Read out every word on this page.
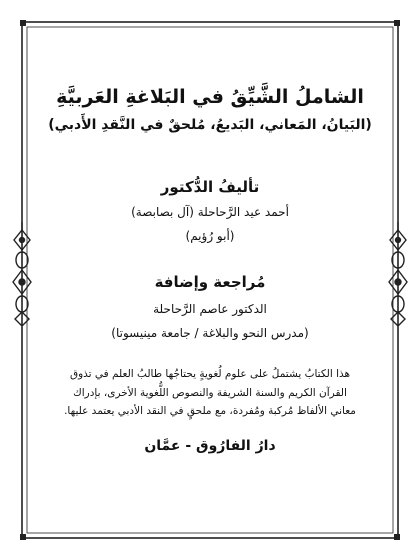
الشاملُ الشَّيِّقُ في البَلاغةِ العَربيَّةِ

(البَيانُ، المَعاني، البَديعُ، مُلحقٌ في النَّقدِ الأَدبي)

تأليفُ الدُّكتور

أحمد عيد الرَّحاحلة (آل بصابصة)

(أبو رُؤيم)

مُراجعة وإضافة

الدكتور عاصم الرَّحاحلة

(مدرس النحو والبلاغة / جامعة مينيسوتا)

هذا الكتابُ يشتملُ على علوم لُغويةٍ يحتاجُها طالبُ العلم في تذوق
القرآن الكريم والسنة الشريفة والنصوص اللُّغوية الأخرى، بإدراك
معاني الألفاظ مُركبة ومُفردة، مع ملحقٍ في النقد الأدبي يعتمد عليها.
دارُ الفارُوق - عمَّان
